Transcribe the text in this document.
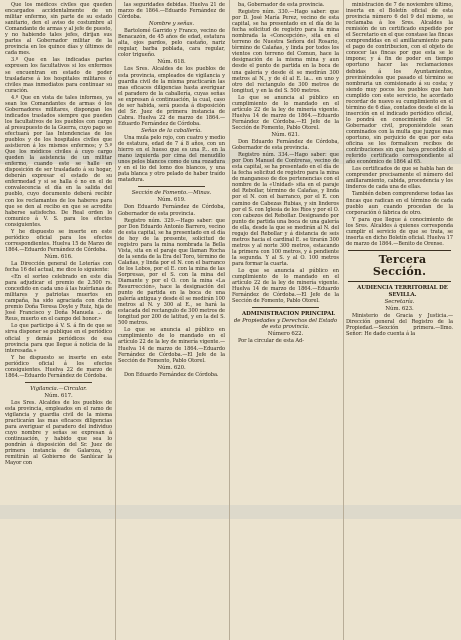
Que los médicos civiles que queden encargados accidentalmente de un militar enfermo, sin parte de su estado sanitario, den el aviso de costumbre al Comandante de armas y al jefe de puesto, y no habiendo tales jefes, dirijan sus partes al Gobernador militar de la provincia en los quince días y últimos de cada mes.

3.º Que en las indicadas partes expresen los facultativos si los enfermos se encuentran en estado de poder trasladarse á los hospitales militares ó civiles mas inmediatos para continuar su curación.

4.º Que en vista de tales informes, ya sean los Comandantes de armas ó los Gobernadores militares, dispongan los indicados traslados siempre que pueden los facultativos de los pueblos con cargo al presupuesto de la Guerra, cuyo pago se efectuará por las Intendencias de los pueblos y de los hospitales civiles que asistieron á los mismos enfermos; y 5.º Que los médicos civiles á cuyo cargo queden la asistencia de un militar enfermo, cuando este se halle en disposición de ser trasladado á su hogar, deberán expresar el estado de su enfermedad y si se halla ó no en el de convalecencia el día en la salida del pueblo, cuyo documento deberá recibir con los reclamantes de los haberes para que se den al recibo en que se acredite haberse satisfecho. De Real orden lo comunico á V. S. para los efectos consiguientes.

Y he dispuesto se inserte en este periódico oficial para los efectos correspondientes. Huelva 15 de Marzo de 1864.—Eduardo Fernández de Córdoba.

Núm. 616.

La Dirección general de Loterías con fecha 16 del actual, me dice lo siguiente:

«En el sorteo celebrado en este día para adjudicar el premio de 2.500 rs. concedido en cada uno á las huérfanas de militares y patriotas muertos en campaña, ha sido agraciada con dicho premio Doña Teresa Doyle y Ruiz, hija de José Francisco y Doña Manuela ... de Reus, muerto en el campo del honor.»

Lo que participo á V. S. á fin de que se sirva disponer se publique en el periódico oficial y demás periódicos de esa provincia para que llegue á noticia de la interesada.»

Y he dispuesto se inserte en este periódico oficial á los efectos consiguientes. Huelva 22 de marzo de 1864.—Eduardo Fernández de Córdoba.

Vigilancia.—Circular.

Núm. 617.

Los Sres. Alcaldes de los pueblos de esta provincia, empleados en el ramo de vigilancia y guardia civil de la misma practicarán las mas eficaces diligencias para averiguar el paradero del individuo cuyo nombre y señas se expresan á continuación, y habido que sea lo pondrán á disposición del Sr. Juez de primera instancia de Galaroza, y remitirán al Gobierno de Sanlúcar la Mayor con

las seguridades debidas. Huelva 21 de marzo de 1864.—Eduardo Fernández de Córdoba.

Nombre y señas.

Bartolomé Garrido y Franco, vecino de Benacazón, de 45 años de edad, estatura alta, ojos pardos, pelo castaño, nariz regular, barba poblada, cara regular, color trigueño.

Núm. 618.

Los Sres. Alcaldes de los pueblos de esta provincia, empleados de vigilancia y guardia civil de la misma practicarán las mas eficaces diligencias hasta averiguar el paradero de la caballería, cuyas señas se expresan á continuación, la cual, caso de ser habida, será puesta á disposición del Sr. Juez de primera instancia de Cabra. Huelva 22 de marzo de 1864.—Eduardo Fernández de Córdoba.

Señas de la caballería.

Una mula pelo rojo, con cuatro y medio de estatura, edad de 7 á 8 años, con un hierro en el hueso que es una P... en la mano izquierda por cima del menudillo unos pelos blancos como de una rozadura y en el lio del lomo dos blancos, y una pata blanca y otro pelado de haber traído matadura.

Sección de Fomento.—Minas.

Núm. 619.

Don Eduardo Fernández de Córdoba, Gobernador de esta provincia.

Registro núm. 329.—Hago saber: que por Don Eduardo Antonio Barrero, vecino de esta capital, se ha presentado en el día de hoy de la presente, solicitud de registro para la mina nombrada la Bella Vista, sita en el paraje que llaman Rocha de la senda de la Era del Toro, término de Calañas, y linda por el N. con el barranco de los Lobos, por el E. con la mina de las Sorpresas, por el S. con la mina del Diamante y por el O. con la mina «La Resurrección», hace la designación del punto de partida en la boca de una galería antigua y desde él se medirán 100 metros al N. y 300 al E., se hará la estacada del rectangulo de 300 metros de longitud por 200 de latitud, y en la del S. 500 metros.

Lo que se anuncia al público en cumplimiento de lo mandado en el artículo 22 de la ley de minería vigente.—Huelva 14 de marzo de 1864.—Eduardo Fernández de Córdoba.—El Jefe de la Sección de Fomento, Pablo Otorel.

Núm. 620.

Don Eduardo Fernández de Córdoba.

ba, Gobernador de esta provincia.

Registro núm. 330.—Hago saber: que por D. José María Perez, vecino de esta capital, se ha presentado en el día de la fecha solicitud de registro para la mina nombrada la «Concepción», sita en el terreno de Nuestra Señora del Rosario, término de Calañas, y linda por todos los vientos con terreno del Comun, hace la designación de la misma mina y aun desde el punto de partida en la boca de una galería y desde él se medirán 300 metros al N., y de él al E. la... en uno y otro del rectangulo de 300 metros de longitud, y en la del S. 500 metros.

Lo que se anuncia al público en cumplimiento de lo mandado en el artículo 22 de la ley de minería vigente. Huelva 14 de marzo de 1864.—Eduardo Fernández de Córdoba.—El Jefe de la Sección de Fomento, Pablo Otorel.

Núm. 621.

Don Eduardo Fernández de Córdoba, Gobernador de esta provincia.

Registro núm. 334.—Hago saber: que por Don Manuel de Contreras, vecino de esta capital, se ha presentado en el día de la fecha solicitud de registro para la mina de manganeso de dos pertenencias con el nombre de la «Unidad» sita en el paraje del Rebollar, término de Calañas, y linda por el N. con el barranco, por el E. con camino de Cabezas Rubias, y sin linderos por el S. con Iglesia de los Ríos y por el O. con cabezos del Rebollar. Designando por punto de partida una boca de una galería de ella, desde la que se medirán al N. del regajo del Rebollar y á distancia de seis metros hacia el cardinal E. se tirarán 300 metros y al norte 300 metros, estacando la primera con 100 metros, y á pendiente la segunda. Y al S. y al O. 100 metros para formar la cuarta.

Lo que se anuncia al público en cumplimiento de lo mandado en el artículo 22 de la ley de minería vigente. Huelva 14 de marzo de 1864.—Eduardo Fernández de Córdoba.—El Jefe de la Sección de Fomento, Pablo Otorel.

ADMINISTRACION PRINCIPAL

de Propiedades y Derechos del Estado de esta provincia.

Número 622.

Por la circular de esta Ad-

ministración de 7 de noviembre último, inserta en el Boletín oficial de esta provincia número 6 del 9 del mismo, se reclamaba á los Sres. Alcaldes la remisión de un certificado expedido por el Secretario en el que constase las fincas comprendidas en el amillaramiento para el pago de contribucion, con el objeto de conocer las fincas por que esta se le impone; y á fin de poder en tiempo oportuno hacer las reclamaciones debidas á los Ayuntamientos, previniéndoles que pasado el término se nombraria un comisionado á su costa; y siendo muy pocos los pueblos que han cumplido con este servicio, he acordado recordar de nuevo su cumplimiento en el término de 6 días, contados desde el de la inserción en el indicado periódico oficial, lo pondrá en conocimiento del Sr. Gobernador civil, proponiéndole sean conminados con la multa que juzgue mas oportuno, sin perjuicio de que por esta oficina se les formalicen recibos de contribuciones sin que haya precedido el referido certificado correspondiente al año económico de 1864 al 65.

Los certificados de que se habla han de comprender precisamente el número del amillaramiento, cabida, procedencia y los linderos de cada una de ellas.

También deben comprenderse todas las fincas que radican en el término de cada pueblo aun cuando procedan de la corporación ó fábrica de otro.

Y para que llegue á conocimiento de los Sres. Alcaldes á quienes corresponda cumplir el servicio de que se trata, se inserta en dicho Boletín oficial. Huelva 17 de marzo de 1864.—Benito de Orense.

Tercera Sección.

AUDIENCIA TERRITORIAL DE

SEVILLA.

Secretaría.

Núm. 623.

Ministerio de Gracia y Justicia.—Dirección general del Registro de la Propiedad.—Sexción primera.—Ilmo. Señor: He dado cuenta á la
